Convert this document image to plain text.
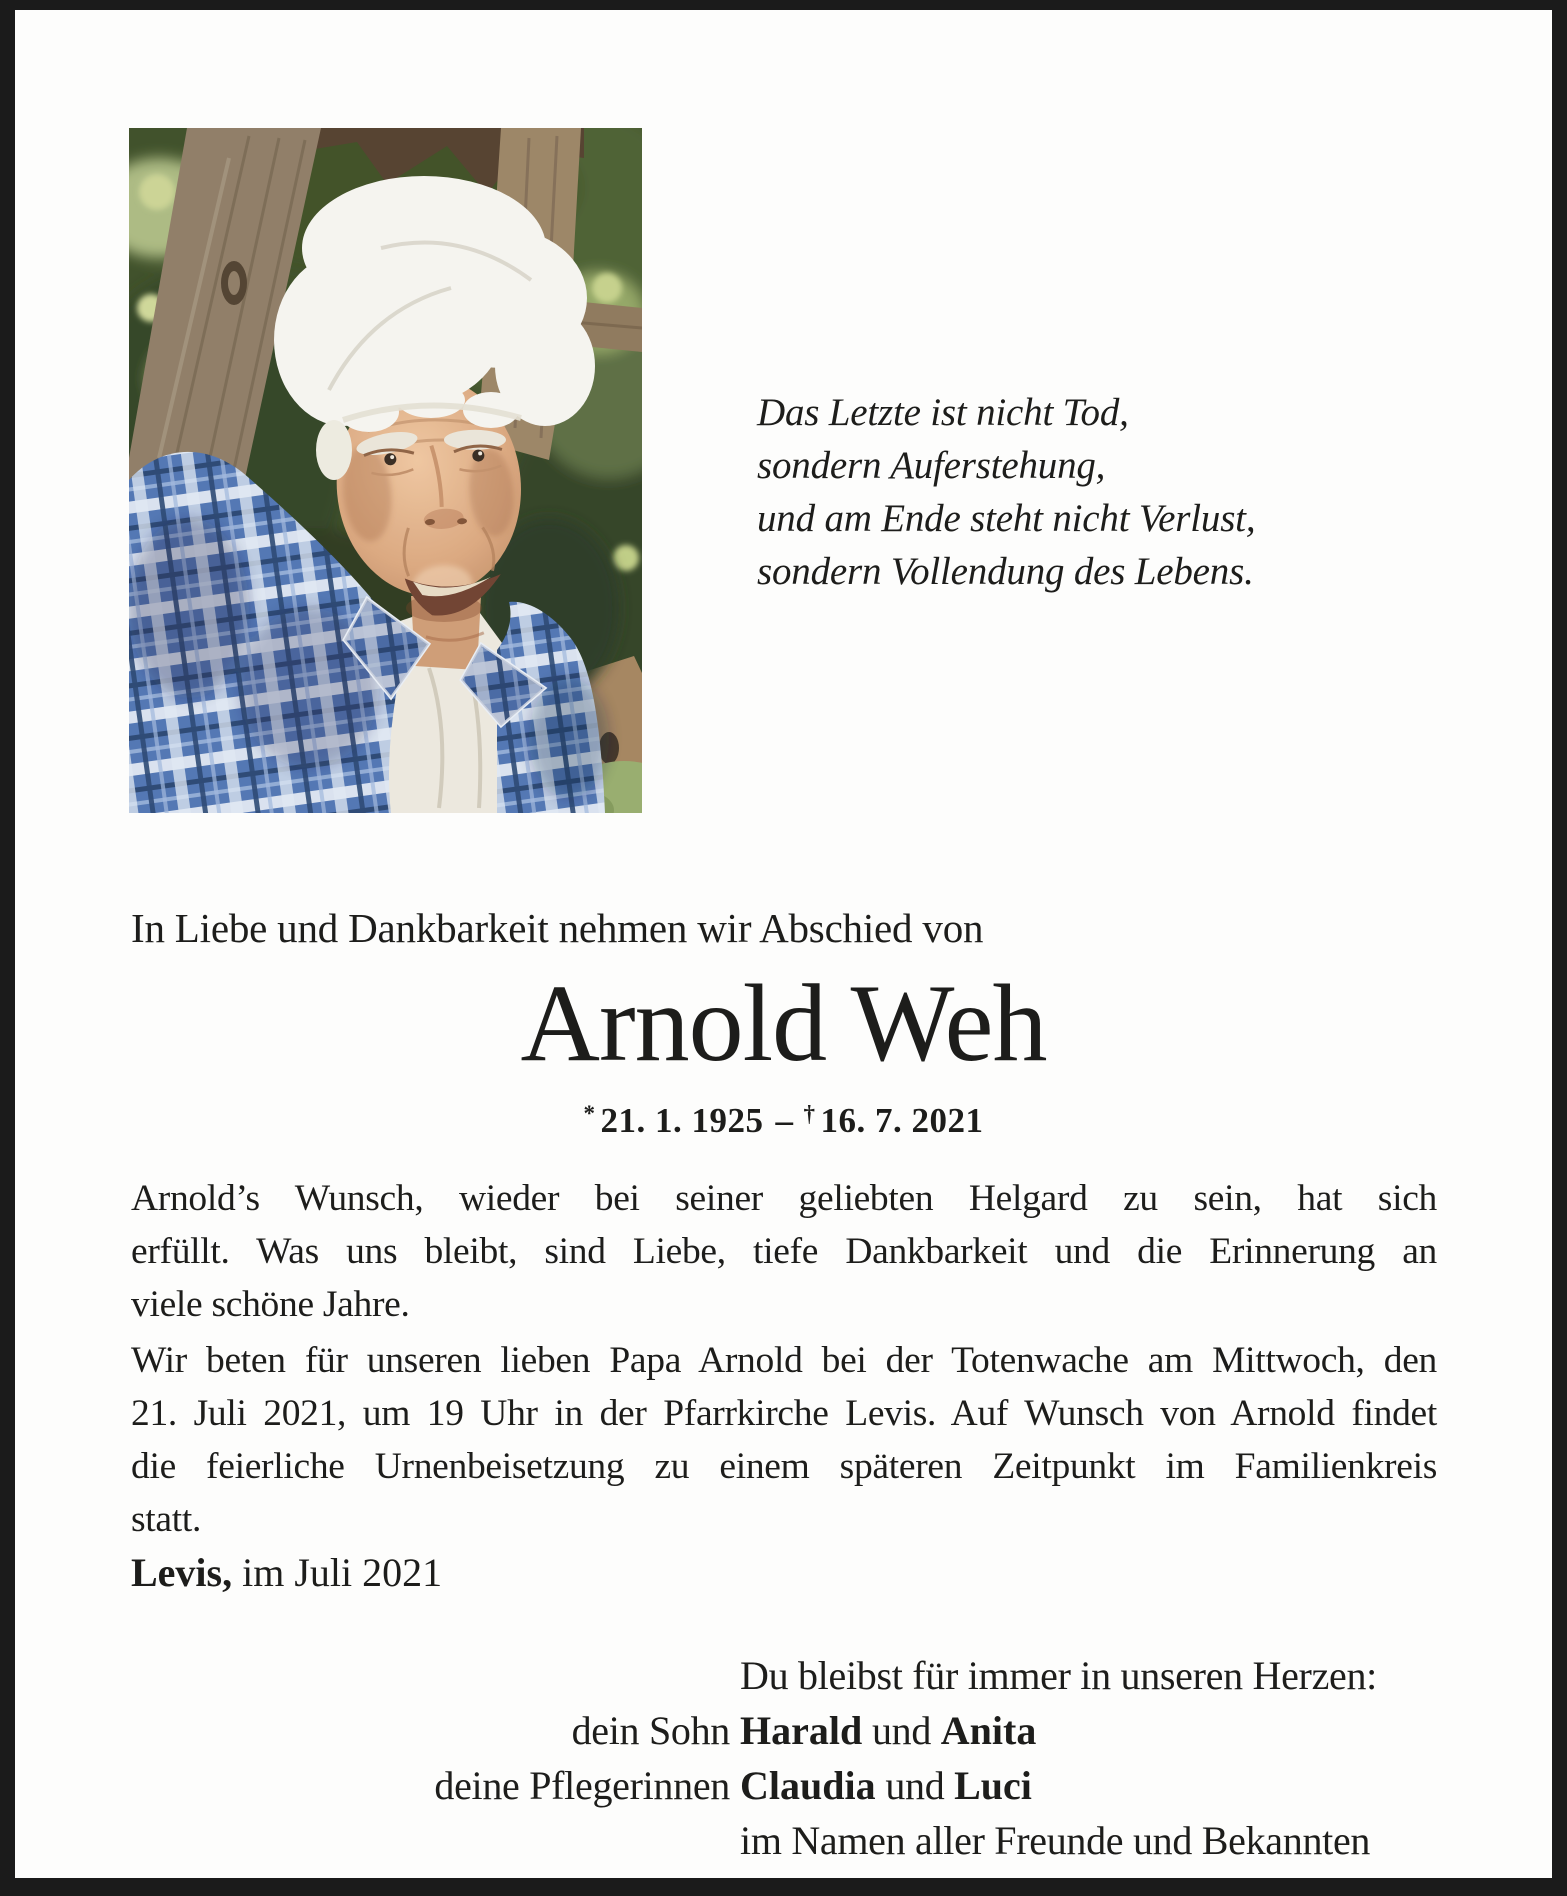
Das Letzte ist nicht Tod,
sondern Auferstehung,
und am Ende steht nicht Verlust,
sondern Vollendung des Lebens.
In Liebe und Dankbarkeit nehmen wir Abschied von
Arnold Weh
* 21. 1. 1925 – † 16. 7. 2021
Arnold’s Wunsch, wieder bei seiner geliebten Helgard zu sein, hat sich
erfüllt. Was uns bleibt, sind Liebe, tiefe Dankbarkeit und die Erinnerung an
viele schöne Jahre.
Wir beten für unseren lieben Papa Arnold bei der Totenwache am Mittwoch, den
21. Juli 2021, um 19 Uhr in der Pfarrkirche Levis. Auf Wunsch von Arnold findet
die feierliche Urnenbeisetzung zu einem späteren Zeitpunkt im Familienkreis
statt.
Levis, im Juli 2021
Du bleibst für immer in unseren Herzen:
dein Sohn Harald und Anita
deine Pflegerinnen Claudia und Luci
im Namen aller Freunde und Bekannten
